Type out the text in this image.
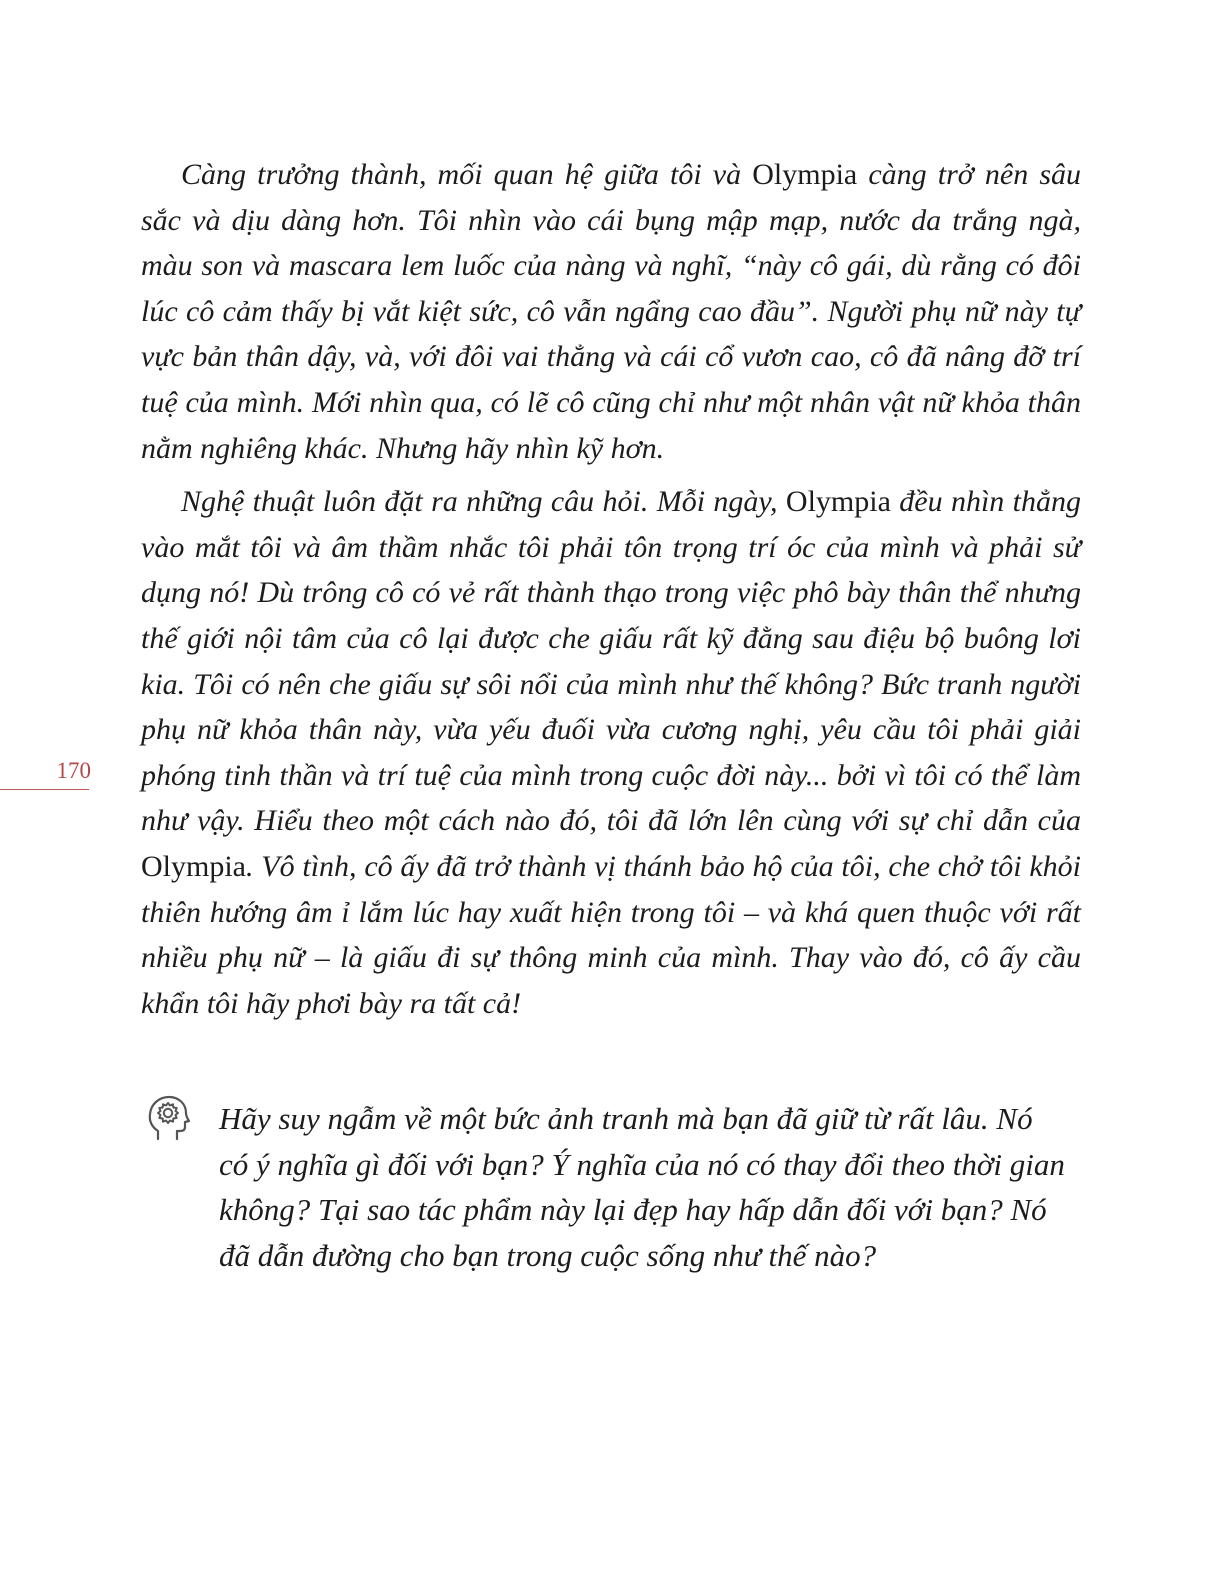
Càng trưởng thành, mối quan hệ giữa tôi và Olympia càng trở nên sâu sắc và dịu dàng hơn. Tôi nhìn vào cái bụng mập mạp, nước da trắng ngà, màu son và mascara lem luốc của nàng và nghĩ, “này cô gái, dù rằng có đôi lúc cô cảm thấy bị vắt kiệt sức, cô vẫn ngẩng cao đầu”. Người phụ nữ này tự vực bản thân dậy, và, với đôi vai thẳng và cái cổ vươn cao, cô đã nâng đỡ trí tuệ của mình. Mới nhìn qua, có lẽ cô cũng chỉ như một nhân vật nữ khỏa thân nằm nghiêng khác. Nhưng hãy nhìn kỹ hơn.

Nghệ thuật luôn đặt ra những câu hỏi. Mỗi ngày, Olympia đều nhìn thẳng vào mắt tôi và âm thầm nhắc tôi phải tôn trọng trí óc của mình và phải sử dụng nó! Dù trông cô có vẻ rất thành thạo trong việc phô bày thân thể nhưng thế giới nội tâm của cô lại được che giấu rất kỹ đằng sau điệu bộ buông lơi kia. Tôi có nên che giấu sự sôi nổi của mình như thế không? Bức tranh người phụ nữ khỏa thân này, vừa yếu đuối vừa cương nghị, yêu cầu tôi phải giải phóng tinh thần và trí tuệ của mình trong cuộc đời này... bởi vì tôi có thể làm như vậy. Hiểu theo một cách nào đó, tôi đã lớn lên cùng với sự chỉ dẫn của Olympia. Vô tình, cô ấy đã trở thành vị thánh bảo hộ của tôi, che chở tôi khỏi thiên hướng âm ỉ lắm lúc hay xuất hiện trong tôi – và khá quen thuộc với rất nhiều phụ nữ – là giấu đi sự thông minh của mình. Thay vào đó, cô ấy cầu khẩn tôi hãy phơi bày ra tất cả!

170
Hãy suy ngẫm về một bức ảnh tranh mà bạn đã giữ từ rất lâu. Nó có ý nghĩa gì đối với bạn? Ý nghĩa của nó có thay đổi theo thời gian không? Tại sao tác phẩm này lại đẹp hay hấp dẫn đối với bạn? Nó đã dẫn đường cho bạn trong cuộc sống như thế nào?
